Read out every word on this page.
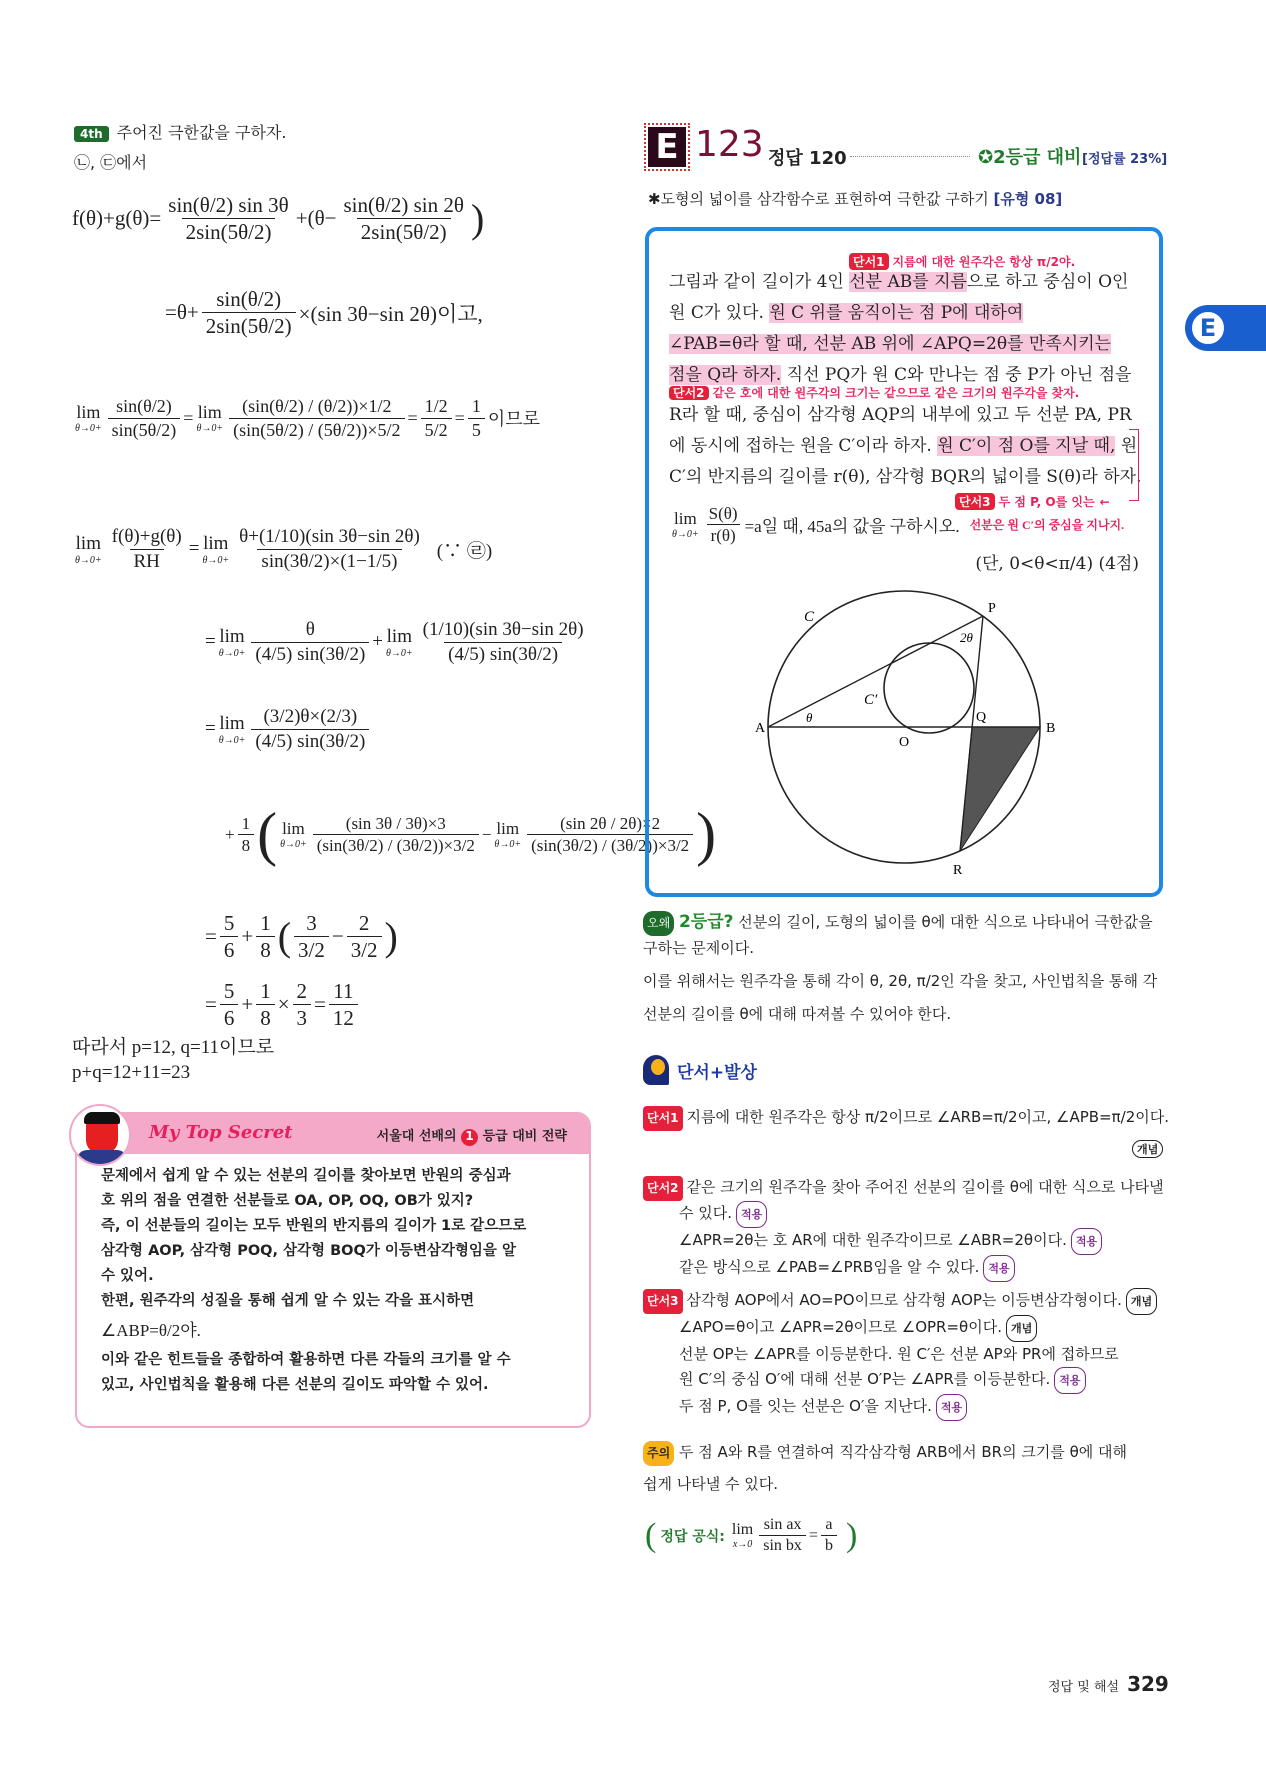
4th 주어진 극한값을 구하자.
㉡, ㉢에서
$f(\theta)+g(\theta)= \frac{\sin(\theta/2) \sin 3\theta}{2\sin(5\theta/2)} +(\theta- \frac{\sin(\theta/2) \sin 2\theta}{2\sin(5\theta/2)}$ )
$=\theta+ \frac{\sin(\theta/2)}{2\sin(5\theta/2)} \times(\sin$ 3θ−sin 2θ)이고,
lim
$\theta\to 0+ \frac{\sin(\theta/2)}{\sin(5\theta/2)} = \lim$
$\theta\to 0+ \frac{(\sin(\theta/2) / (\theta/2))\times 1/2}{(\sin(5\theta/2) / (5\theta/2))\times 5/2} = \frac{1/2}{5/2} = \frac{1}{5}$ 이므로
lim
$\theta\to 0+ \frac{f(\theta)+g(\theta)}{RH} = \lim$
$\theta\to 0+ \frac{\theta+(1/10)(\sin 3\theta-\sin 2\theta)}{\sin(3\theta/2)\times(1-1/5)}$ (∵ ㉣)
= lim
$\theta\to 0+ \frac{\theta}{(4/5) \sin(3\theta/2)} + \lim$
$\theta\to 0+ \frac{(1/10)(\sin 3\theta-\sin 2\theta)}{(4/5) \sin(3\theta/2)}$
= lim
$\theta\to 0+ \frac{(3/2)\theta\times(2/3)}{(4/5) \sin(3\theta/2)}$
+ $\frac{1}{8}$ ( lim
$\theta\to 0+ \frac{(\sin 3\theta / 3\theta)\times 3}{(\sin(3\theta/2) / (3\theta/2))\times 3/2} - \lim$
$\theta\to 0+ \frac{(\sin 2\theta / 2\theta)\times 2}{(\sin(3\theta/2) / (3\theta/2))\times 3/2}$ )
= $\frac{5}{6} + \frac{1}{8}$ ( 3
3/2
− $\frac{2}{3/2}$ )
= $\frac{5}{6} + \frac{1}{8} \times \frac{2}{3} = \frac{11}{12}$
따라서 p=12, q=11이므로
p+q=12+11=23
My Top Secret	서울대 선배의 1 등급 대비 전략
문제에서 쉽게 알 수 있는 선분의 길이를 찾아보면 반원의 중심과
호 위의 점을 연결한 선분들로 OA, OP, OQ, OB가 있지?
즉, 이 선분들의 길이는 모두 반원의 반지름의 길이가 1로 같으므로
삼각형 AOP, 삼각형 POQ, 삼각형 BOQ가 이등변삼각형임을 알
수 있어.
한편, 원주각의 성질을 통해 쉽게 알 수 있는 각을 표시하면
∠ABP=θ/2야.
이와 같은 힌트들을 종합하여 활용하면 다른 각들의 크기를 알 수
있고, 사인법칙을 활용해 다른 선분의 길이도 파악할 수 있어.
E 123 정답 120	✪2등급 대비 [정답률 23%]
✱도형의 넓이를 삼각함수로 표현하여 극한값 구하기 [유형 08]
단서1 지름에 대한 원주각은 항상 π/2야.
그림과 같이 길이가 4인 선분 AB를 지름으로 하고 중심이 O인
원 C가 있다. 원 C 위를 움직이는 점 P에 대하여
∠PAB=θ라 할 때, 선분 AB 위에 ∠APQ=2θ를 만족시키는
점을 Q라 하자. 직선 PQ가 원 C와 만나는 점 중 P가 아닌 점을
단서2 같은 호에 대한 원주각의 크기는 같으므로 같은 크기의 원주각을 찾자.
R라 할 때, 중심이 삼각형 AQP의 내부에 있고 두 선분 PA, PR
에 동시에 접하는 원을 C′이라 하자. 원 C′이 점 O를 지날 때, 원
C′의 반지름의 길이를 r(θ), 삼각형 BQR의 넓이를 S(θ)라 하자.
단서3 두 점 P, O를 잇는 ←
lim
$\theta\to 0+ \frac{S(\theta)}{r(\theta)} =a$일 때, 45a의 값을 구하시오. 선분은 원 C′의 중심을 지나지.
(단, 0<θ<π/4) (4점)
C
C′
P
A	B
O
Q
R
2θ
θ
오왜 2등급? 선분의 길이, 도형의 넓이를 θ에 대한 식으로 나타내어 극한값을
구하는 문제이다.
이를 위해서는 원주각을 통해 각이 θ, 2θ, π/2인 각을 찾고, 사인법칙을 통해 각
선분의 길이를 θ에 대해 따져볼 수 있어야 한다.
단서+발상
단서1 지름에 대한 원주각은 항상 π/2이므로 ∠ARB=π/2이고, ∠APB=π/2이다.
개념
단서2 같은 크기의 원주각을 찾아 주어진 선분의 길이를 θ에 대한 식으로 나타낼
수 있다. 적용
∠APR=2θ는 호 AR에 대한 원주각이므로 ∠ABR=2θ이다. 적용
같은 방식으로 ∠PAB=∠PRB임을 알 수 있다. 적용
단서3 삼각형 AOP에서 AO=PO이므로 삼각형 AOP는 이등변삼각형이다. 개념
∠APO=θ이고 ∠APR=2θ이므로 ∠OPR=θ이다. 개념
선분 OP는 ∠APR를 이등분한다. 원 C′은 선분 AP와 PR에 접하므로
원 C′의 중심 O′에 대해 선분 O′P는 ∠APR를 이등분한다. 적용
두 점 P, O를 잇는 선분은 O′을 지난다. 적용
주의 두 점 A와 R를 연결하여 직각삼각형 ARB에서 BR의 크기를 θ에 대해
쉽게 나타낼 수 있다.
( 정답 공식: lim
$x\to 0 \frac{\text{sin ax}}{\text{sin bx}} = \frac{a}{b}$ )
E
정답 및 해설 329
